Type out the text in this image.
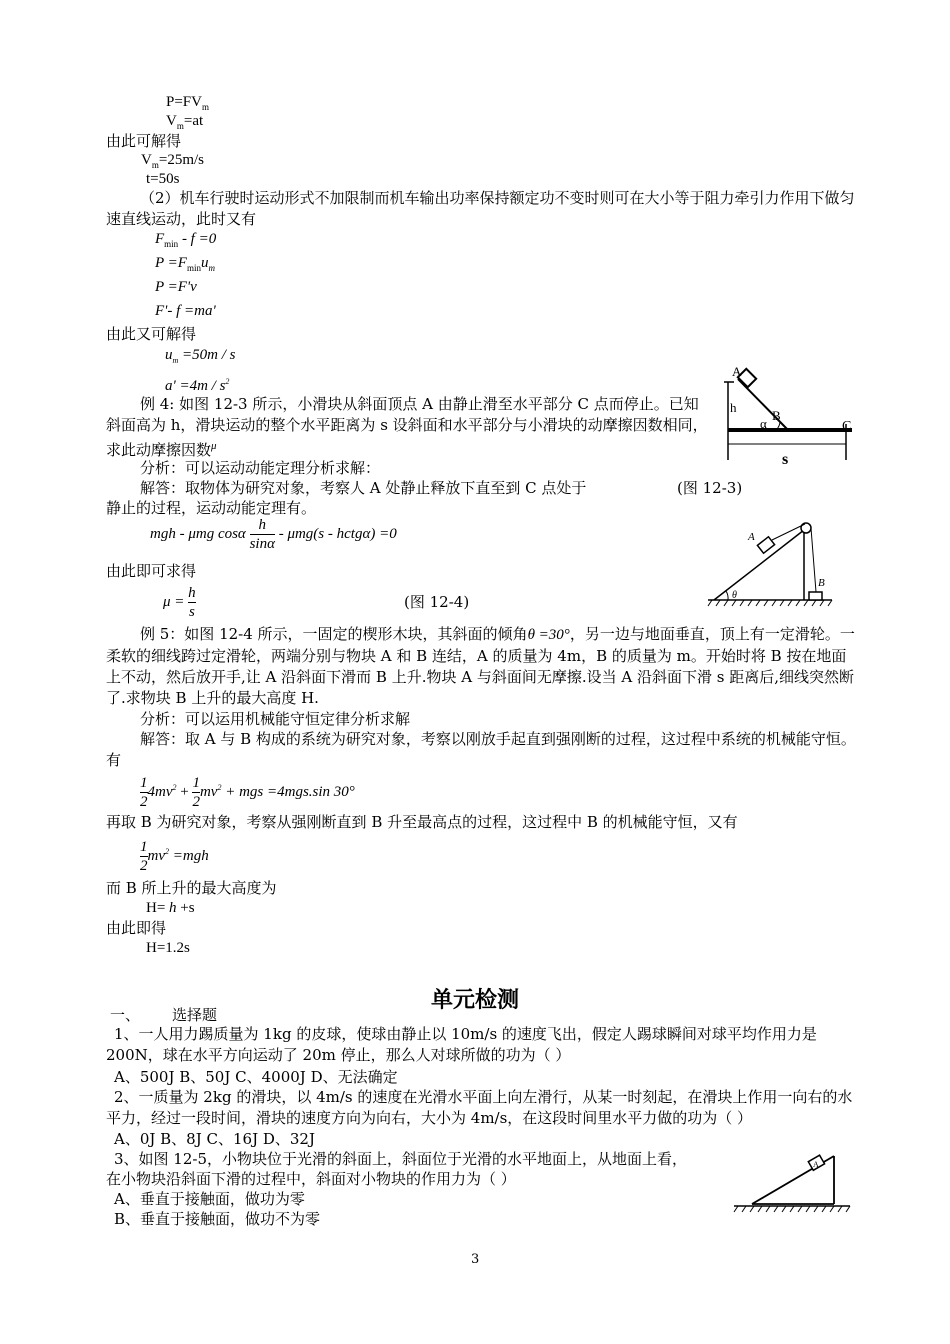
$P=FV_m$
$V_m=at$
由此可解得
$V_m=25m/s$
t=50s
（2）机车行驶时运动形式不加限制而机车输出功率保持额定功不变时则可在大小等于阻力牵引力作用下做匀速直线运动，此时又有
$F_{min} - f =0$
$P =F_{min}u_m$
P =F'v
F'- f =ma'
由此又可解得
$u_m =50m / s$
$a' =4m / s^2$
例 4: 如图 12-3 所示，小滑块从斜面顶点 A 由静止滑至水平部分 C 点而停止。已知斜面高为 h，滑块运动的整个水平距离为 s 设斜面和水平部分与小滑块的动摩擦因数相同，求此动摩擦因数$^\mu$
分析：可以运动动能定理分析求解：
解答：取物体为研究对象，考察人 A 处静止释放下直至到 C 点处于	(图 12-3)
静止的过程，运动动能定理有。
mgh - μmg cosα $\frac{h}{\sin\alpha} - \mu mg(s$ - hctgα) =0
由此即可求得
$\mu = \frac{h}{s}$	(图 12-4)
例 5：如图 12-4 所示，一固定的楔形木块，其斜面的倾角θ =30°，另一边与地面垂直，顶上有一定滑轮。一柔软的细线跨过定滑轮，两端分别与物块 A 和 B 连结，A 的质量为 4m，B 的质量为 m。开始时将 B 按在地面上不动，然后放开手,让 A 沿斜面下滑而 B 上升.物块 A 与斜面间无摩擦.设当 A 沿斜面下滑 s 距离后,细线突然断了.求物块 B 上升的最大高度 H.
分析：可以运用机械能守恒定律分析求解
解答：取 A 与 B 构成的系统为研究对象，考察以刚放手起直到强刚断的过程，这过程中系统的机械能守恒。有
$\frac{1}{2} 4mv^2 + \frac{1}{2} mv^2$ + mgs =4mgs.sin 30°
再取 B 为研究对象，考察从强刚断直到 B 升至最高点的过程，这过程中 B 的机械能守恒，又有
$\frac{1}{2} mv^2 =mgh$
而 B 所上升的最大高度为
H= h +s
由此即得
H=1.2s
单元检测
一、 选择题
1、一人用力踢质量为 1kg 的皮球，使球由静止以 10m/s 的速度飞出，假定人踢球瞬间对球平均作用力是 200N，球在水平方向运动了 20m 停止，那么人对球所做的功为（ ）
A、500J B、50J C、4000J D、无法确定
2、一质量为 2kg 的滑块，以 4m/s 的速度在光滑水平面上向左滑行，从某一时刻起，在滑块上作用一向右的水平力，经过一段时间，滑块的速度方向为向右，大小为 4m/s，在这段时间里水平力做的功为（ ）
A、0J B、8J C、16J D、32J
3、如图 12-5，小物块位于光滑的斜面上，斜面位于光滑的水平地面上，从地面上看，
在小物块沿斜面下滑的过程中，斜面对小物块的作用力为（ ）
A、垂直于接触面，做功为零
B、垂直于接触面，做功不为零
3
A
h
B
α	C
s
A
B
θ
A
